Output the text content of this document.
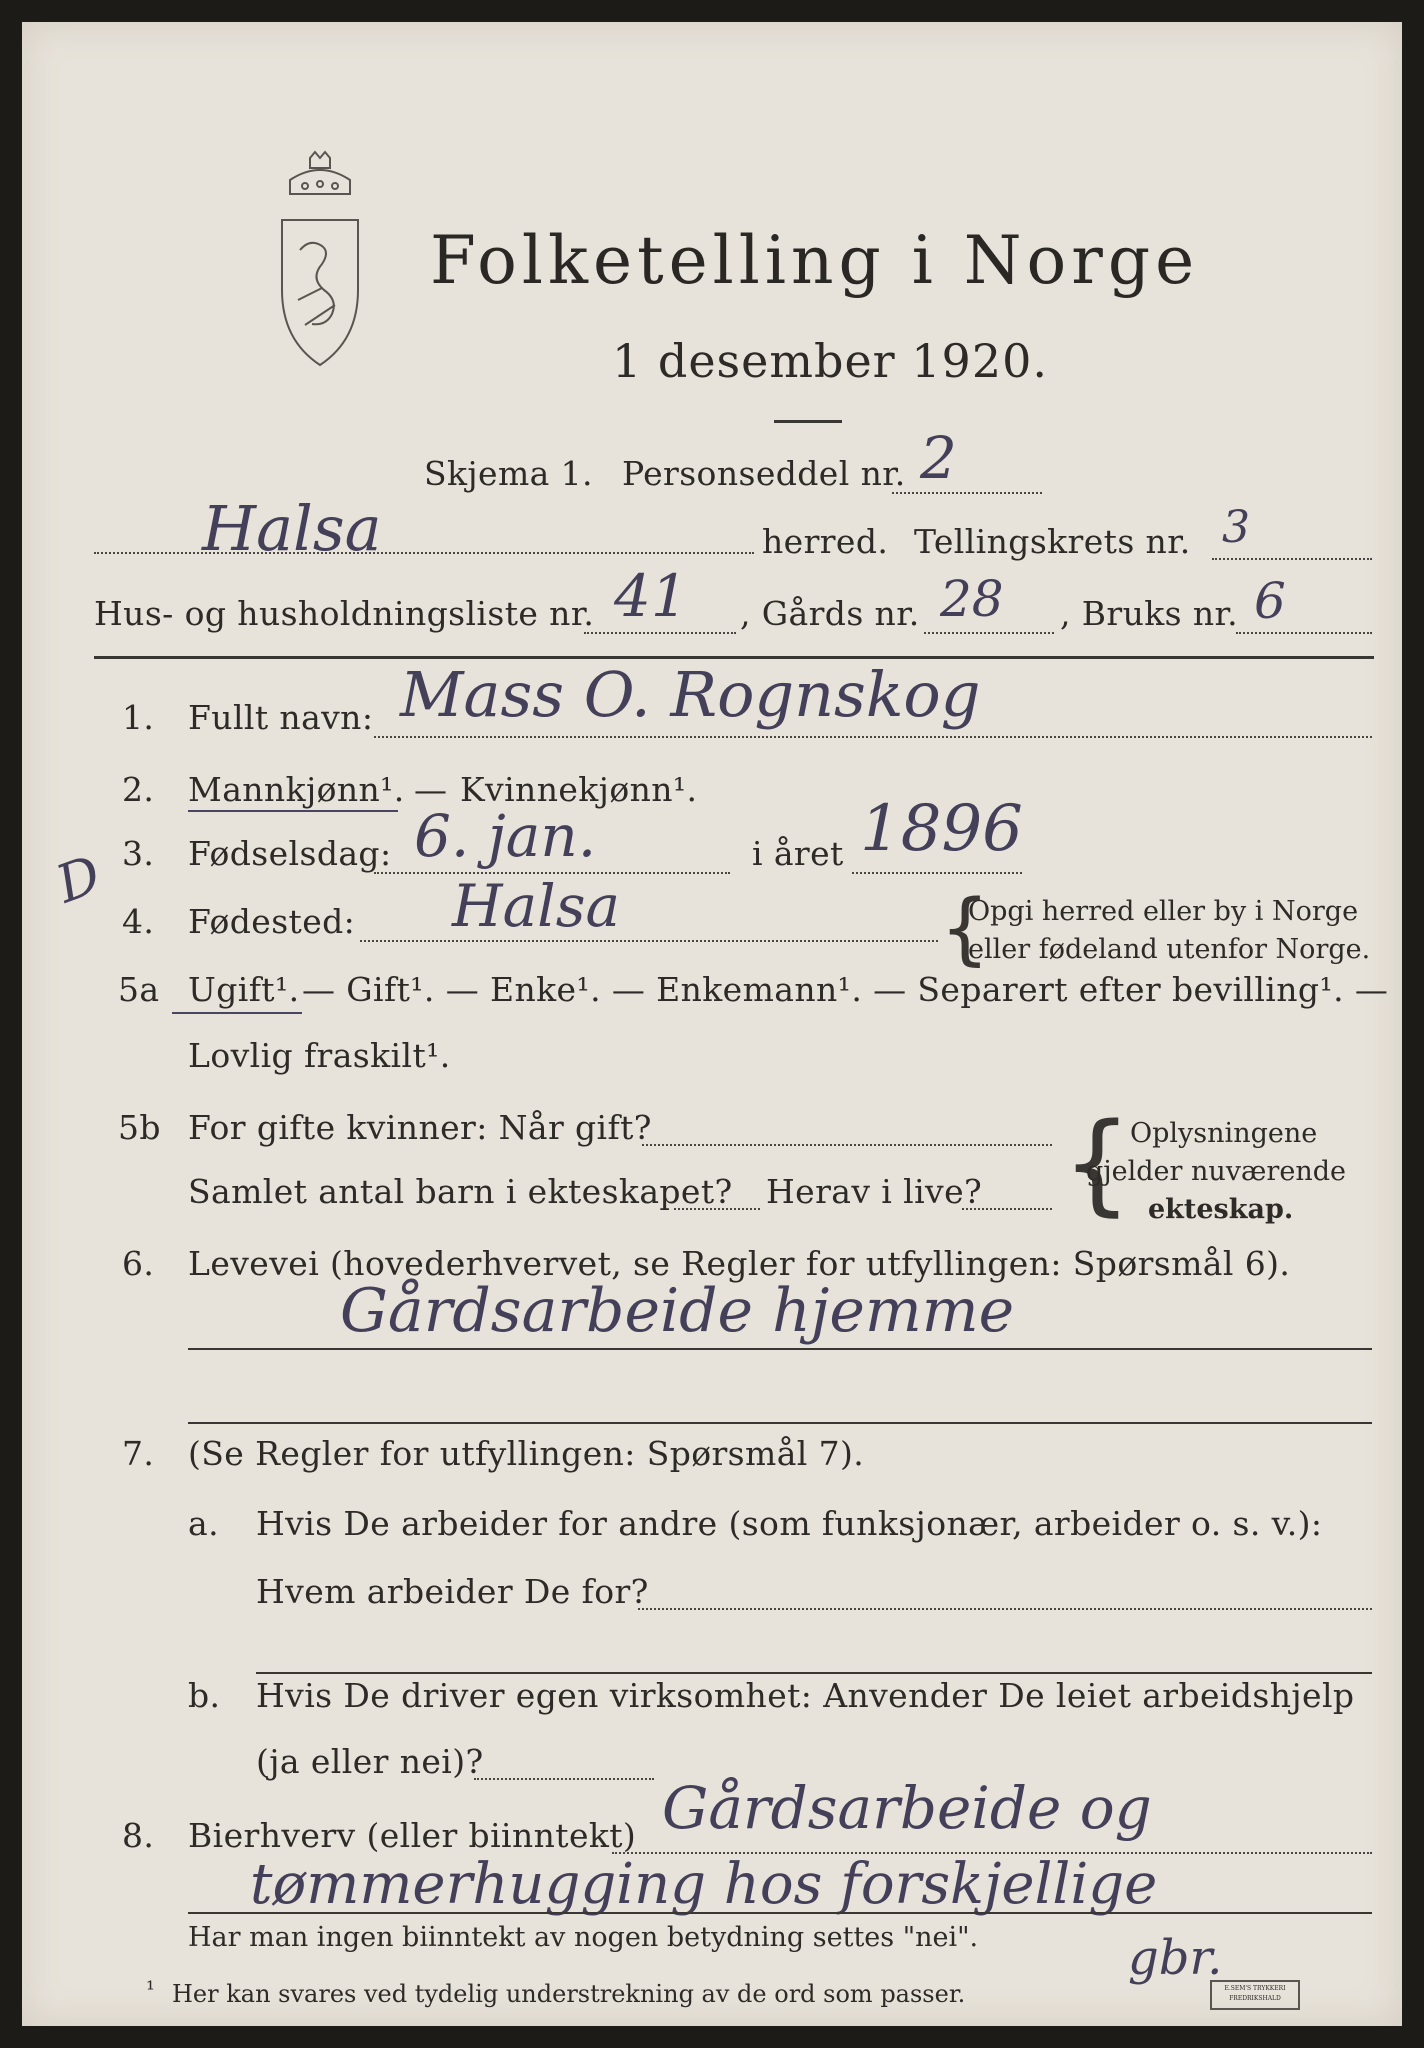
Folketelling i Norge
1 desember 1920.
Skjema 1. Personseddel nr. 2
Halsa	herred. Tellingskrets nr. 3
Hus- og husholdningsliste nr. 41 , Gårds nr. 28 , Bruks nr. 6
1. Fullt navn: Mass O. Rognskog
2. Mannkjønn¹. — Kvinnekjønn¹.
3. Fødselsdag: 6. jan.	i året 1896
D
4. Fødested: Halsa	{
Opgi herred eller by i Norge
eller fødeland utenfor Norge.
5a Ugift¹. — Gift¹. — Enke¹. — Enkemann¹. — Separert efter bevilling¹. —
Lovlig fraskilt¹.
5b For gifte kvinner: Når gift?
Samlet antal barn i ekteskapet? Herav i live? {
Oplysningene
gjelder nuværende
ekteskap.
6. Levevei (hovederhvervet, se Regler for utfyllingen: Spørsmål 6).
Gårdsarbeide hjemme
7. (Se Regler for utfyllingen: Spørsmål 7).
a. Hvis De arbeider for andre (som funksjonær, arbeider o. s. v.):
Hvem arbeider De for?
b. Hvis De driver egen virksomhet: Anvender De leiet arbeidshjelp
(ja eller nei)?
8. Bierhverv (eller biinntekt) Gårdsarbeide og
tømmerhugging hos forskjellige
Har man ingen biinntekt av nogen betydning settes "nei".	gbr.
¹ Her kan svares ved tydelig understrekning av de ord som passer.	E.SEM'S TRYKKERI FREDRIKSHALD
